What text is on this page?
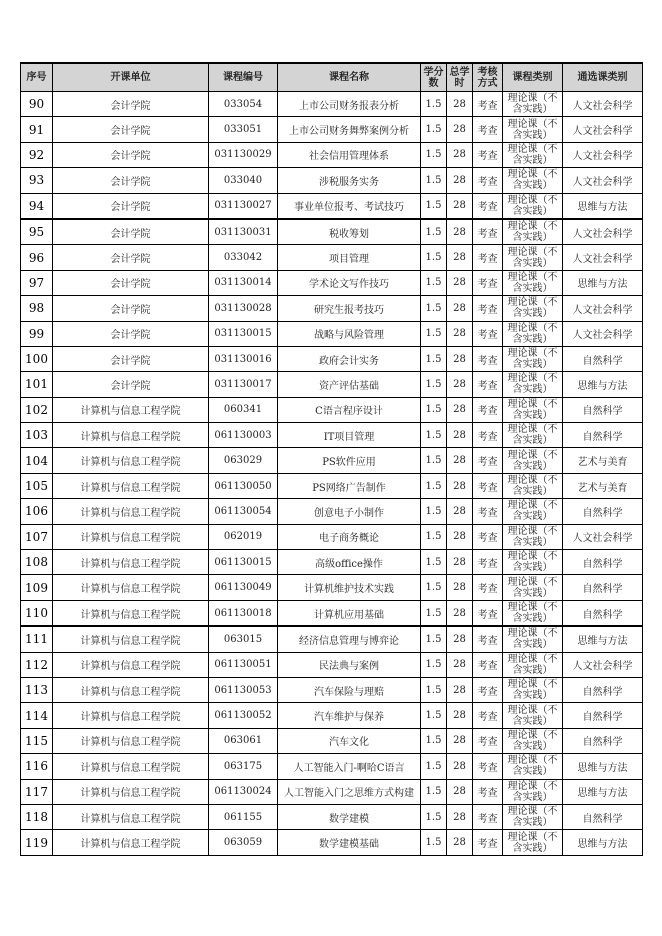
序号	开课单位	课程编号	课程名称	学分数	总学时	考核方式	课程类别	通选课类别
90	会计学院	033054	上市公司财务报表分析	1.5	28	考查	理论课（不含实践）	人文社会科学
91	会计学院	033051	上市公司财务舞弊案例分析	1.5	28	考查	理论课（不含实践）	人文社会科学
92	会计学院	031130029	社会信用管理体系	1.5	28	考查	理论课（不含实践）	人文社会科学
93	会计学院	033040	涉税服务实务	1.5	28	考查	理论课（不含实践）	人文社会科学
94	会计学院	031130027	事业单位报考、考试技巧	1.5	28	考查	理论课（不含实践）	思维与方法
95	会计学院	031130031	税收筹划	1.5	28	考查	理论课（不含实践）	人文社会科学
96	会计学院	033042	项目管理	1.5	28	考查	理论课（不含实践）	人文社会科学
97	会计学院	031130014	学术论文写作技巧	1.5	28	考查	理论课（不含实践）	思维与方法
98	会计学院	031130028	研究生报考技巧	1.5	28	考查	理论课（不含实践）	人文社会科学
99	会计学院	031130015	战略与风险管理	1.5	28	考查	理论课（不含实践）	人文社会科学
100	会计学院	031130016	政府会计实务	1.5	28	考查	理论课（不含实践）	自然科学
101	会计学院	031130017	资产评估基础	1.5	28	考查	理论课（不含实践）	思维与方法
102	计算机与信息工程学院	060341	C语言程序设计	1.5	28	考查	理论课（不含实践）	自然科学
103	计算机与信息工程学院	061130003	IT项目管理	1.5	28	考查	理论课（不含实践）	自然科学
104	计算机与信息工程学院	063029	PS软件应用	1.5	28	考查	理论课（不含实践）	艺术与美育
105	计算机与信息工程学院	061130050	PS网络广告制作	1.5	28	考查	理论课（不含实践）	艺术与美育
106	计算机与信息工程学院	061130054	创意电子小制作	1.5	28	考查	理论课（不含实践）	自然科学
107	计算机与信息工程学院	062019	电子商务概论	1.5	28	考查	理论课（不含实践）	人文社会科学
108	计算机与信息工程学院	061130015	高级office操作	1.5	28	考查	理论课（不含实践）	自然科学
109	计算机与信息工程学院	061130049	计算机维护技术实践	1.5	28	考查	理论课（不含实践）	自然科学
110	计算机与信息工程学院	061130018	计算机应用基础	1.5	28	考查	理论课（不含实践）	自然科学
111	计算机与信息工程学院	063015	经济信息管理与博弈论	1.5	28	考查	理论课（不含实践）	思维与方法
112	计算机与信息工程学院	061130051	民法典与案例	1.5	28	考查	理论课（不含实践）	人文社会科学
113	计算机与信息工程学院	061130053	汽车保险与理赔	1.5	28	考查	理论课（不含实践）	自然科学
114	计算机与信息工程学院	061130052	汽车维护与保养	1.5	28	考查	理论课（不含实践）	自然科学
115	计算机与信息工程学院	063061	汽车文化	1.5	28	考查	理论课（不含实践）	自然科学
116	计算机与信息工程学院	063175	人工智能入门-啊哈C语言	1.5	28	考查	理论课（不含实践）	思维与方法
117	计算机与信息工程学院	061130024	人工智能入门之思维方式构建	1.5	28	考查	理论课（不含实践）	思维与方法
118	计算机与信息工程学院	061155	数学建模	1.5	28	考查	理论课（不含实践）	自然科学
119	计算机与信息工程学院	063059	数学建模基础	1.5	28	考查	理论课（不含实践）	思维与方法
